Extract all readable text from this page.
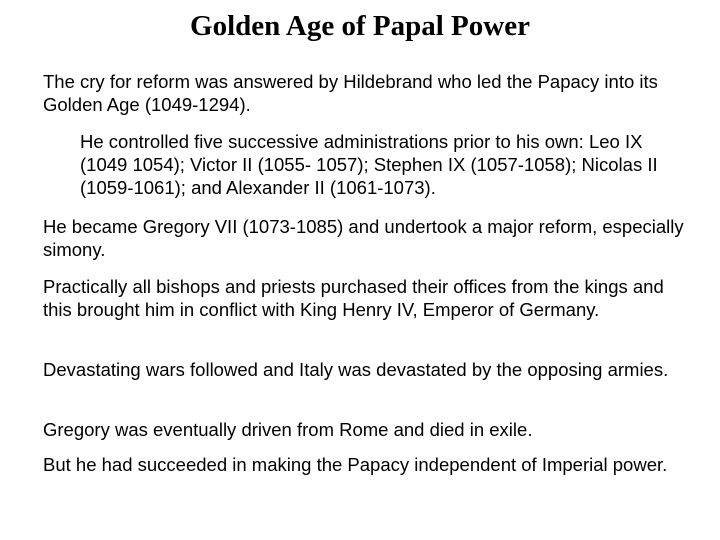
Golden Age of Papal Power

The cry for reform was answered by Hildebrand who led the Papacy into its Golden Age (1049-1294).

He controlled five successive administrations prior to his own: Leo IX (1049 1054); Victor II (1055- 1057); Stephen IX (1057-1058); Nicolas II (1059-1061); and Alexander II (1061-1073).

He became Gregory VII (1073-1085) and undertook a major reform, especially simony.

Practically all bishops and priests purchased their offices from the kings and this brought him in conflict with King Henry IV, Emperor of Germany.

Devastating wars followed and Italy was devastated by the opposing armies.

Gregory was eventually driven from Rome and died in exile.

But he had succeeded in making the Papacy independent of Imperial power.
